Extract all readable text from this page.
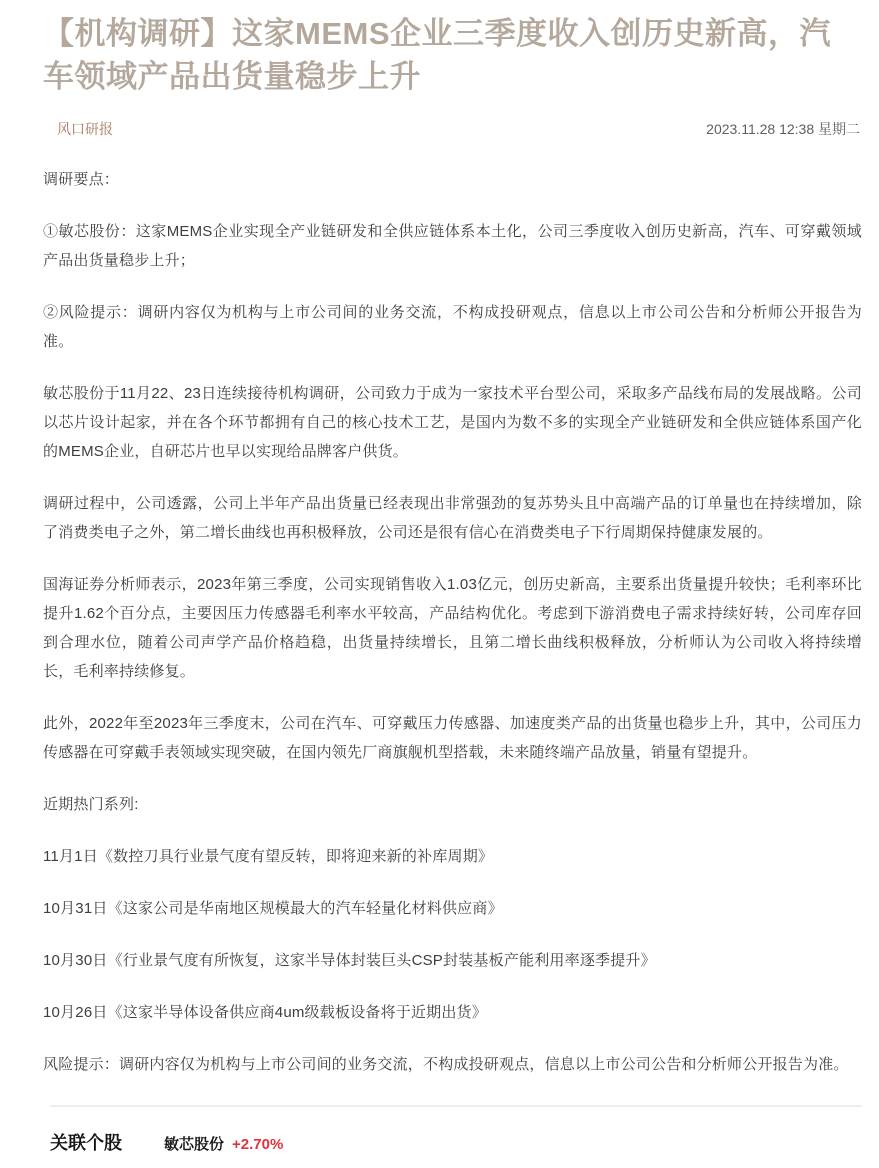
【机构调研】这家MEMS企业三季度收入创历史新高，汽车领域产品出货量稳步上升
风口研报	2023.11.28 12:38 星期二

调研要点：

①敏芯股份：这家MEMS企业实现全产业链研发和全供应链体系本土化，公司三季度收入创历史新高，汽车、可穿戴领域产品出货量稳步上升；

②风险提示：调研内容仅为机构与上市公司间的业务交流，不构成投研观点，信息以上市公司公告和分析师公开报告为准。

敏芯股份于11月22、23日连续接待机构调研，公司致力于成为一家技术平台型公司，采取多产品线布局的发展战略。公司以芯片设计起家，并在各个环节都拥有自己的核心技术工艺，是国内为数不多的实现全产业链研发和全供应链体系国产化的MEMS企业，自研芯片也早以实现给品牌客户供货。

调研过程中，公司透露，公司上半年产品出货量已经表现出非常强劲的复苏势头且中高端产品的订单量也在持续增加，除了消费类电子之外，第二增长曲线也再积极释放，公司还是很有信心在消费类电子下行周期保持健康发展的。

国海证券分析师表示，2023年第三季度，公司实现销售收入1.03亿元，创历史新高，主要系出货量提升较快；毛利率环比提升1.62个百分点，主要因压力传感器毛利率水平较高，产品结构优化。考虑到下游消费电子需求持续好转，公司库存回到合理水位，随着公司声学产品价格趋稳，出货量持续增长，且第二增长曲线积极释放，分析师认为公司收入将持续增长，毛利率持续修复。

此外，2022年至2023年三季度末，公司在汽车、可穿戴压力传感器、加速度类产品的出货量也稳步上升，其中，公司压力传感器在可穿戴手表领域实现突破，在国内领先厂商旗舰机型搭载，未来随终端产品放量，销量有望提升。

近期热门系列:

11月1日《数控刀具行业景气度有望反转，即将迎来新的补库周期》

10月31日《这家公司是华南地区规模最大的汽车轻量化材料供应商》

10月30日《行业景气度有所恢复，这家半导体封装巨头CSP封装基板产能利用率逐季提升》

10月26日《这家半导体设备供应商4um级载板设备将于近期出货》

风险提示：调研内容仅为机构与上市公司间的业务交流，不构成投研观点，信息以上市公司公告和分析师公开报告为准。

关联个股	敏芯股份 +2.70%
